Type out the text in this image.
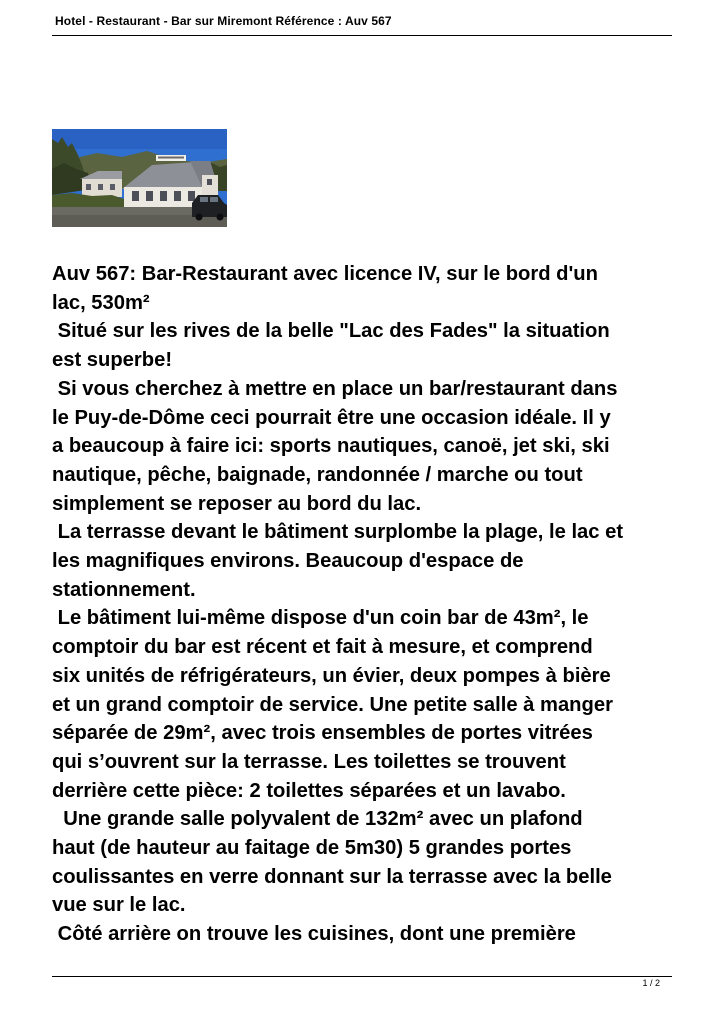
Hotel - Restaurant - Bar sur Miremont Référence : Auv 567

Auv 567: Bar-Restaurant avec licence IV, sur le bord d'un

lac, 530m²

Situé sur les rives de la belle "Lac des Fades" la situation

est superbe!

Si vous cherchez à mettre en place un bar/restaurant dans

le Puy-de-Dôme ceci pourrait être une occasion idéale. Il y

a beaucoup à faire ici: sports nautiques, canoë, jet ski, ski

nautique, pêche, baignade, randonnée / marche ou tout

simplement se reposer au bord du lac.

La terrasse devant le bâtiment surplombe la plage, le lac et

les magnifiques environs. Beaucoup d'espace de

stationnement.

Le bâtiment lui-même dispose d'un coin bar de 43m², le

comptoir du bar est récent et fait à mesure, et comprend

six unités de réfrigérateurs, un évier, deux pompes à bière

et un grand comptoir de service. Une petite salle à manger

séparée de 29m², avec trois ensembles de portes vitrées

qui s’ouvrent sur la terrasse. Les toilettes se trouvent

derrière cette pièce: 2 toilettes séparées et un lavabo.

Une grande salle polyvalent de 132m² avec un plafond

haut (de hauteur au faitage de 5m30) 5 grandes portes

coulissantes en verre donnant sur la terrasse avec la belle

vue sur le lac.

Côté arrière on trouve les cuisines, dont une première

1 / 2
